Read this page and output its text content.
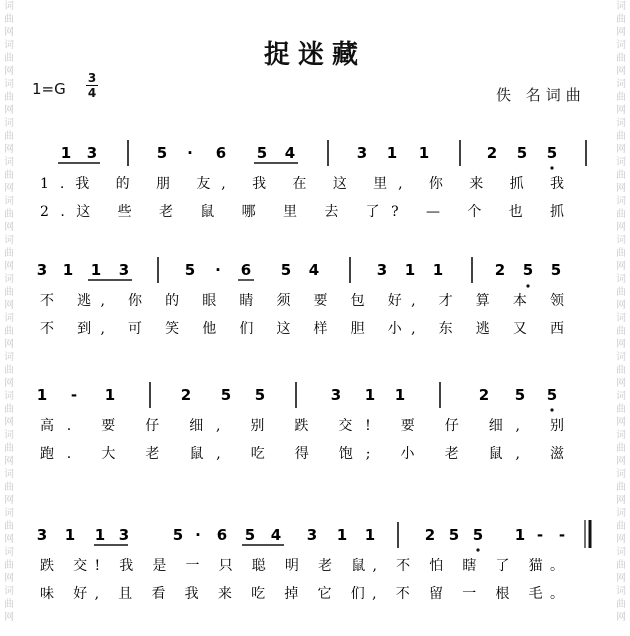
词
曲
网
词
曲
网
词
曲
网
词
曲
网
词
曲
网
词
曲
网
词
曲
网
词
曲
网
词
曲
网
词
曲
网
词
曲
网
词
曲
网
词
曲
网
词
曲
网
词
曲
网
词
曲
网
词
曲
网
词
曲
网
词
曲
网
词
曲
网
词
曲
网
词
曲
网
词
曲
网
词
曲
网
词
曲
网
词
曲
网
词
曲
网
词
曲
网
词
曲
网
词
曲
网
词
曲
网
词
曲
网
捉迷藏
1=G
3
4	佚 名词曲
1 3	5 · 6 5 4	3 1 1	2 5 5
1.我 的 朋 友, 我 在 这 里, 你 来 抓 我
2.这 些 老 鼠 哪 里 去 了? — 个 也 抓
3 1 1 3	5 · 6 5 4	3 1 1	2 5 5
不 逃, 你 的 眼 睛 须 要 包 好, 才 算 本 领
不 到, 可 笑 他 们 这 样 胆 小, 东 逃 又 西
1 - 1	2 5 5	3 1 1	2 5 5
高. 要 仔 细, 别 跌 交! 要 仔 细, 别
跑. 大 老 鼠, 吃 得 饱; 小 老 鼠, 滋
3 1 1 3	5 · 6 5 4 3 1 1	2 5 5 1 - -
跌 交! 我 是 一 只 聪 明 老 鼠, 不 怕 瞎 了 猫。
味 好, 且 看 我 来 吃 掉 它 们, 不 留 一 根 毛。
